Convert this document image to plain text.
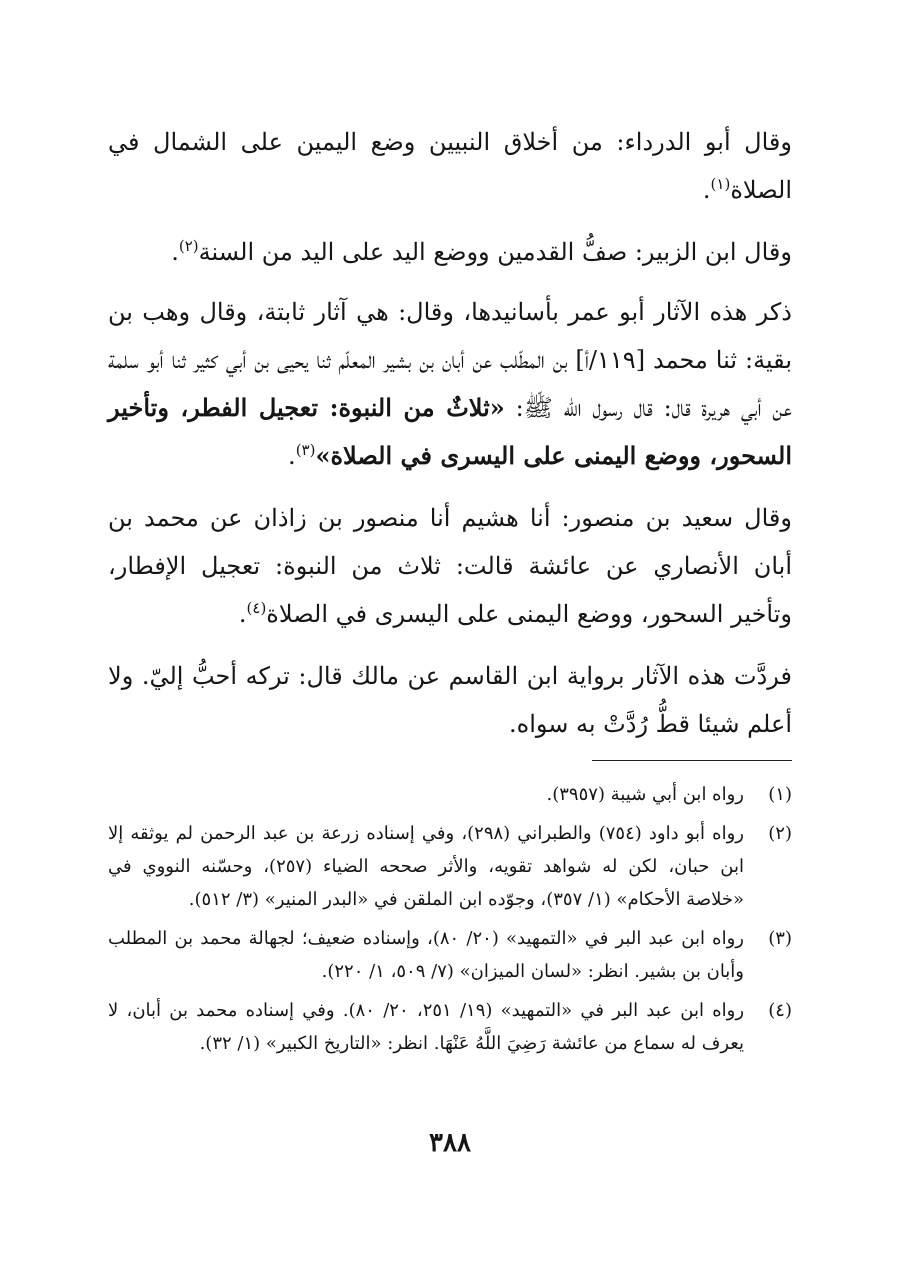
وقال أبو الدرداء: من أخلاق النبيين وضع اليمين على الشمال في الصلاة$^{(١)}$.

وقال ابن الزبير: صفُّ القدمين ووضع اليد على اليد من السنة$^{(٢)}$.

ذكر هذه الآثار أبو عمر بأسانيدها، وقال: هي آثار ثابتة، وقال وهب بن بقية: ثنا محمد [١١٩/أ] بن المطّلب عن أبان بن بشير المعلّم ثنا يحيى بن أبي كثير ثنا أبو سلمة عن أبي هريرة قال: قال رسول الله ﷺ: «ثلاثٌ من النبوة: تعجيل الفطر، وتأخير السحور، ووضع اليمنى على اليسرى في الصلاة»$^{(٣)}$.

وقال سعيد بن منصور: أنا هشيم أنا منصور بن زاذان عن محمد بن أبان الأنصاري عن عائشة قالت: ثلاث من النبوة: تعجيل الإفطار، وتأخير السحور، ووضع اليمنى على اليسرى في الصلاة$^{(٤)}$.

فردَّت هذه الآثار برواية ابن القاسم عن مالك قال: تركه أحبُّ إليّ. ولا أعلم شيئا قطُّ رُدَّتْ به سواه.

(١)
رواه ابن أبي شيبة (٣٩٥٧).
(٢)
رواه أبو داود (٧٥٤) والطبراني (٢٩٨)، وفي إسناده زرعة بن عبد الرحمن لم يوثقه إلا ابن حبان، لكن له شواهد تقويه، والأثر صححه الضياء (٢٥٧)، وحسّنه النووي في «خلاصة الأحكام» (١/ ٣٥٧)، وجوّده ابن الملقن في «البدر المنير» (٣/ ٥١٢).
(٣)
رواه ابن عبد البر في «التمهيد» (٢٠/ ٨٠)، وإسناده ضعيف؛ لجهالة محمد بن المطلب وأبان بن بشير. انظر: «لسان الميزان» (٧/ ٥٠٩، ١/ ٢٢٠).
(٤)
رواه ابن عبد البر في «التمهيد» (١٩/ ٢٥١، ٢٠/ ٨٠). وفي إسناده محمد بن أبان، لا يعرف له سماع من عائشة رَضِيَ اللَّهُ عَنْهَا. انظر: «التاريخ الكبير» (١/ ٣٢).
٣٨٨
